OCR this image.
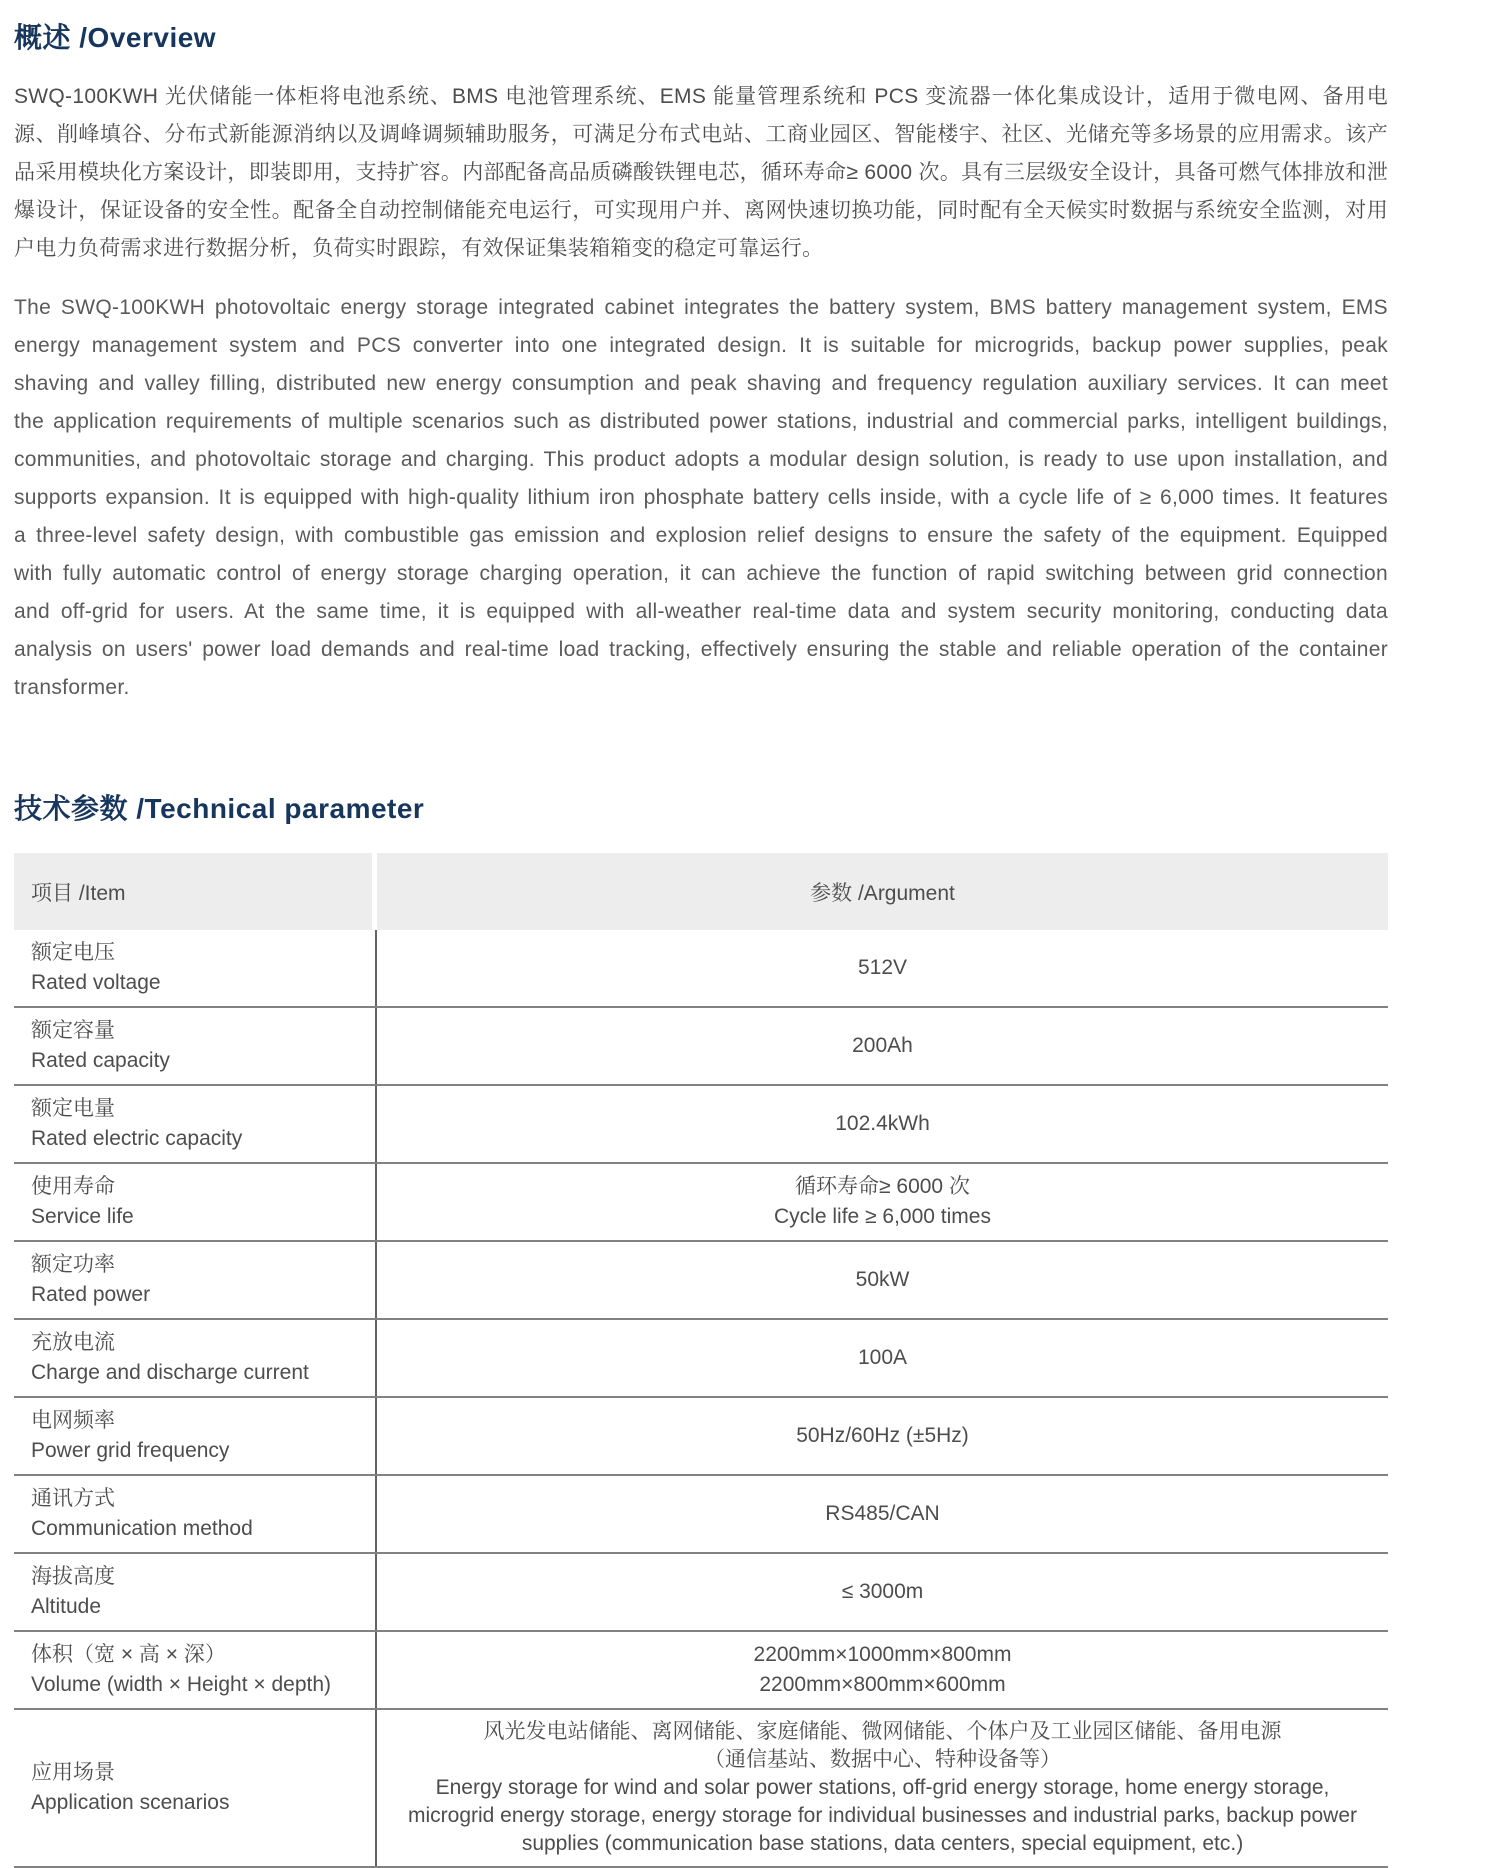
概述 /Overview

SWQ-100KWH 光伏储能一体柜将电池系统、BMS 电池管理系统、EMS 能量管理系统和 PCS 变流器一体化集成设计，适用于微电网、备用电源、削峰填谷、分布式新能源消纳以及调峰调频辅助服务，可满足分布式电站、工商业园区、智能楼宇、社区、光储充等多场景的应用需求。该产品采用模块化方案设计，即装即用，支持扩容。内部配备高品质磷酸铁锂电芯，循环寿命≥ 6000 次。具有三层级安全设计，具备可燃气体排放和泄爆设计，保证设备的安全性。配备全自动控制储能充电运行，可实现用户并、离网快速切换功能，同时配有全天候实时数据与系统安全监测，对用户电力负荷需求进行数据分析，负荷实时跟踪，有效保证集装箱箱变的稳定可靠运行。

The SWQ-100KWH photovoltaic energy storage integrated cabinet integrates the battery system, BMS battery management system, EMS energy management system and PCS converter into one integrated design. It is suitable for microgrids, backup power supplies, peak shaving and valley filling, distributed new energy consumption and peak shaving and frequency regulation auxiliary services. It can meet the application requirements of multiple scenarios such as distributed power stations, industrial and commercial parks, intelligent buildings, communities, and photovoltaic storage and charging. This product adopts a modular design solution, is ready to use upon installation, and supports expansion. It is equipped with high-quality lithium iron phosphate battery cells inside, with a cycle life of ≥ 6,000 times. It features a three-level safety design, with combustible gas emission and explosion relief designs to ensure the safety of the equipment. Equipped with fully automatic control of energy storage charging operation, it can achieve the function of rapid switching between grid connection and off-grid for users. At the same time, it is equipped with all-weather real-time data and system security monitoring, conducting data analysis on users' power load demands and real-time load tracking, effectively ensuring the stable and reliable operation of the container transformer.

技术参数 /Technical parameter
项目 /Item	参数 /Argument
额定电压
Rated voltage
512V
额定容量
Rated capacity
200Ah
额定电量
Rated electric capacity
102.4kWh
使用寿命
Service life
循环寿命≥ 6000 次
Cycle life ≥ 6,000 times
额定功率
Rated power
50kW
充放电流
Charge and discharge current
100A
电网频率
Power grid frequency
50Hz/60Hz (±5Hz)
通讯方式
Communication method
RS485/CAN
海拔高度
Altitude
≤ 3000m
体积（宽 × 高 × 深）
Volume (width × Height × depth)
2200mm×1000mm×800mm
2200mm×800mm×600mm
应用场景
Application scenarios
风光发电站储能、离网储能、家庭储能、微网储能、个体户及工业园区储能、备用电源
（通信基站、数据中心、特种设备等）
Energy storage for wind and solar power stations, off-grid energy storage, home energy storage,
microgrid energy storage, energy storage for individual businesses and industrial parks, backup power
supplies (communication base stations, data centers, special equipment, etc.)
